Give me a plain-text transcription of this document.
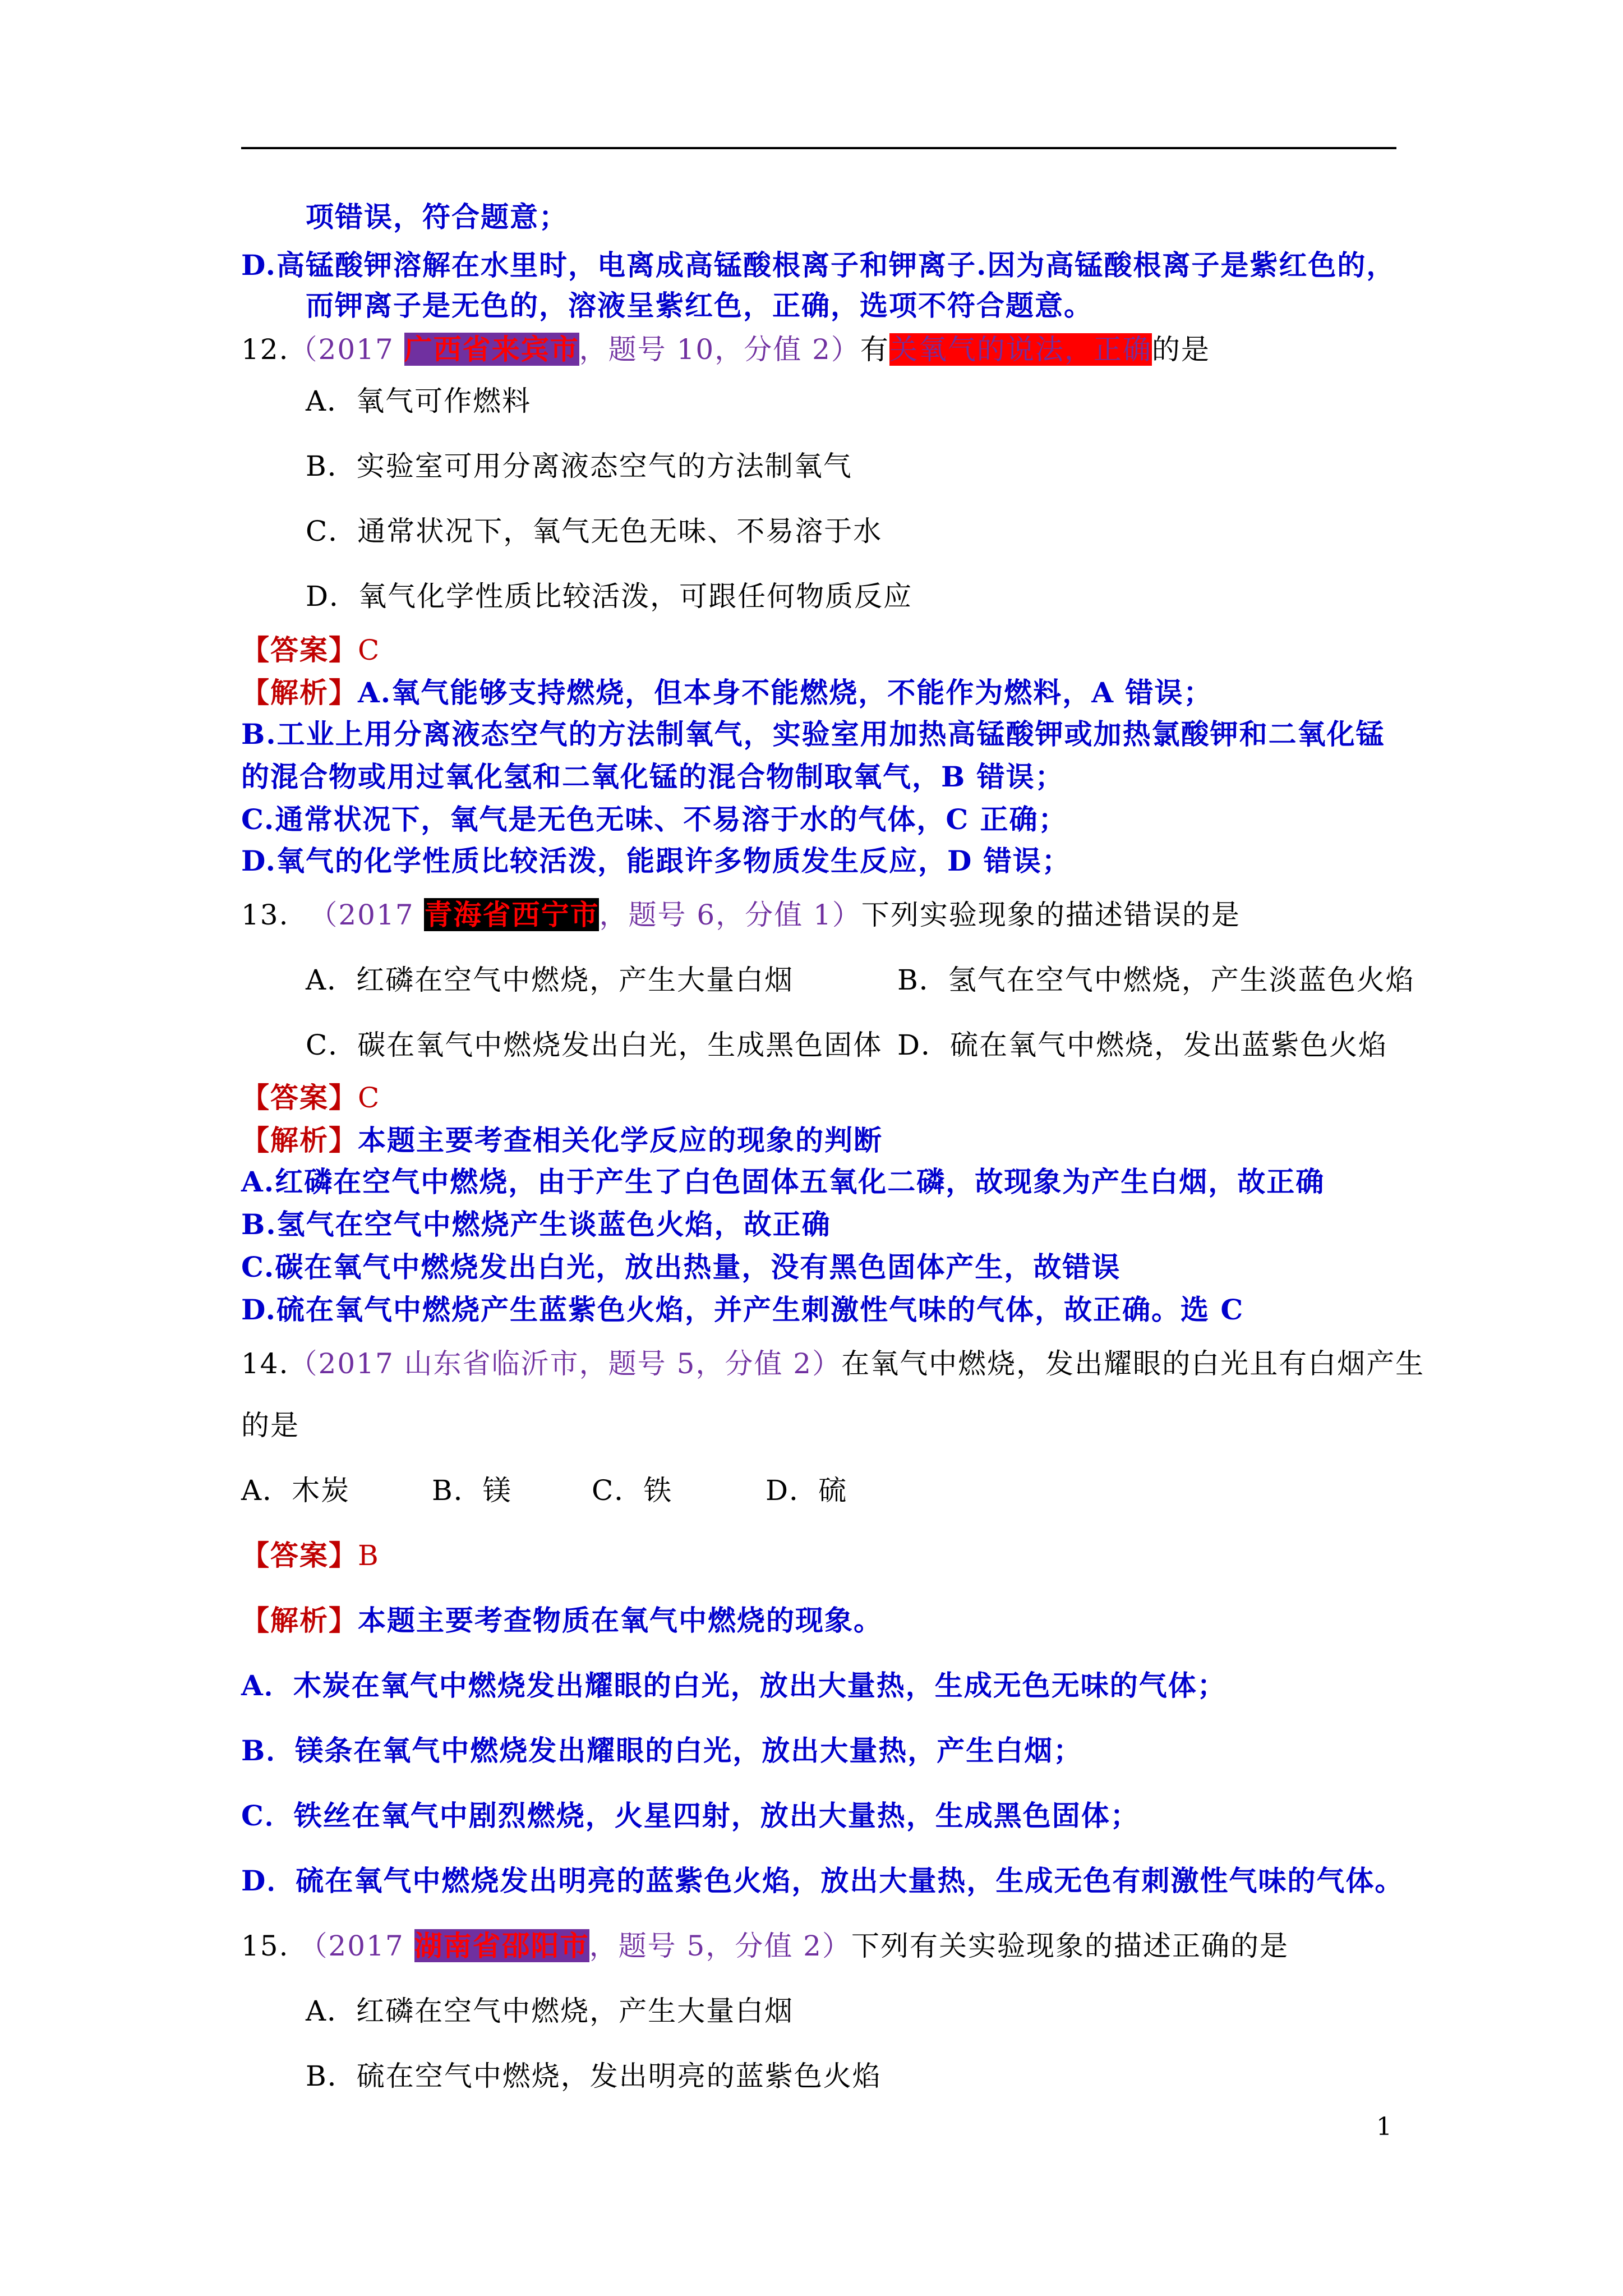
项错误，符合题意；
D.高锰酸钾溶解在水里时，电离成高锰酸根离子和钾离子.因为高锰酸根离子是紫红色的，
而钾离子是无色的，溶液呈紫红色，正确，选项不符合题意。
12.（2017 广西省来宾市，题号 10，分值 2）有关氧气的说法，正确的是
A．氧气可作燃料
B．实验室可用分离液态空气的方法制氧气
C．通常状况下，氧气无色无味、不易溶于水
D．氧气化学性质比较活泼，可跟任何物质反应
【答案】C
【解析】A.氧气能够支持燃烧，但本身不能燃烧，不能作为燃料，A 错误；
B.工业上用分离液态空气的方法制氧气，实验室用加热高锰酸钾或加热氯酸钾和二氧化锰
的混合物或用过氧化氢和二氧化锰的混合物制取氧气，B 错误；
C.通常状况下，氧气是无色无味、不易溶于水的气体，C 正确；
D.氧气的化学性质比较活泼，能跟许多物质发生反应，D 错误；
13. （2017 青海省西宁市，题号 6，分值 1）下列实验现象的描述错误的是
A．红磷在空气中燃烧，产生大量白烟	B．氢气在空气中燃烧，产生淡蓝色火焰
C．碳在氧气中燃烧发出白光，生成黑色固体 D．硫在氧气中燃烧，发出蓝紫色火焰
【答案】C
【解析】本题主要考查相关化学反应的现象的判断
A.红磷在空气中燃烧，由于产生了白色固体五氧化二磷，故现象为产生白烟，故正确
B.氢气在空气中燃烧产生谈蓝色火焰，故正确
C.碳在氧气中燃烧发出白光，放出热量，没有黑色固体产生，故错误
D.硫在氧气中燃烧产生蓝紫色火焰，并产生刺激性气味的气体，故正确。选 C
14.（2017 山东省临沂市，题号 5，分值 2）在氧气中燃烧，发出耀眼的白光且有白烟产生
的是
A．木炭	B．镁	C．铁	D．硫
【答案】B
【解析】本题主要考查物质在氧气中燃烧的现象。
A．木炭在氧气中燃烧发出耀眼的白光，放出大量热，生成无色无味的气体；
B．镁条在氧气中燃烧发出耀眼的白光，放出大量热，产生白烟；
C．铁丝在氧气中剧烈燃烧，火星四射，放出大量热，生成黑色固体；
D．硫在氧气中燃烧发出明亮的蓝紫色火焰，放出大量热，生成无色有刺激性气味的气体。
15. （2017 湖南省邵阳市，题号 5，分值 2）下列有关实验现象的描述正确的是
A．红磷在空气中燃烧，产生大量白烟
B．硫在空气中燃烧，发出明亮的蓝紫色火焰
1
